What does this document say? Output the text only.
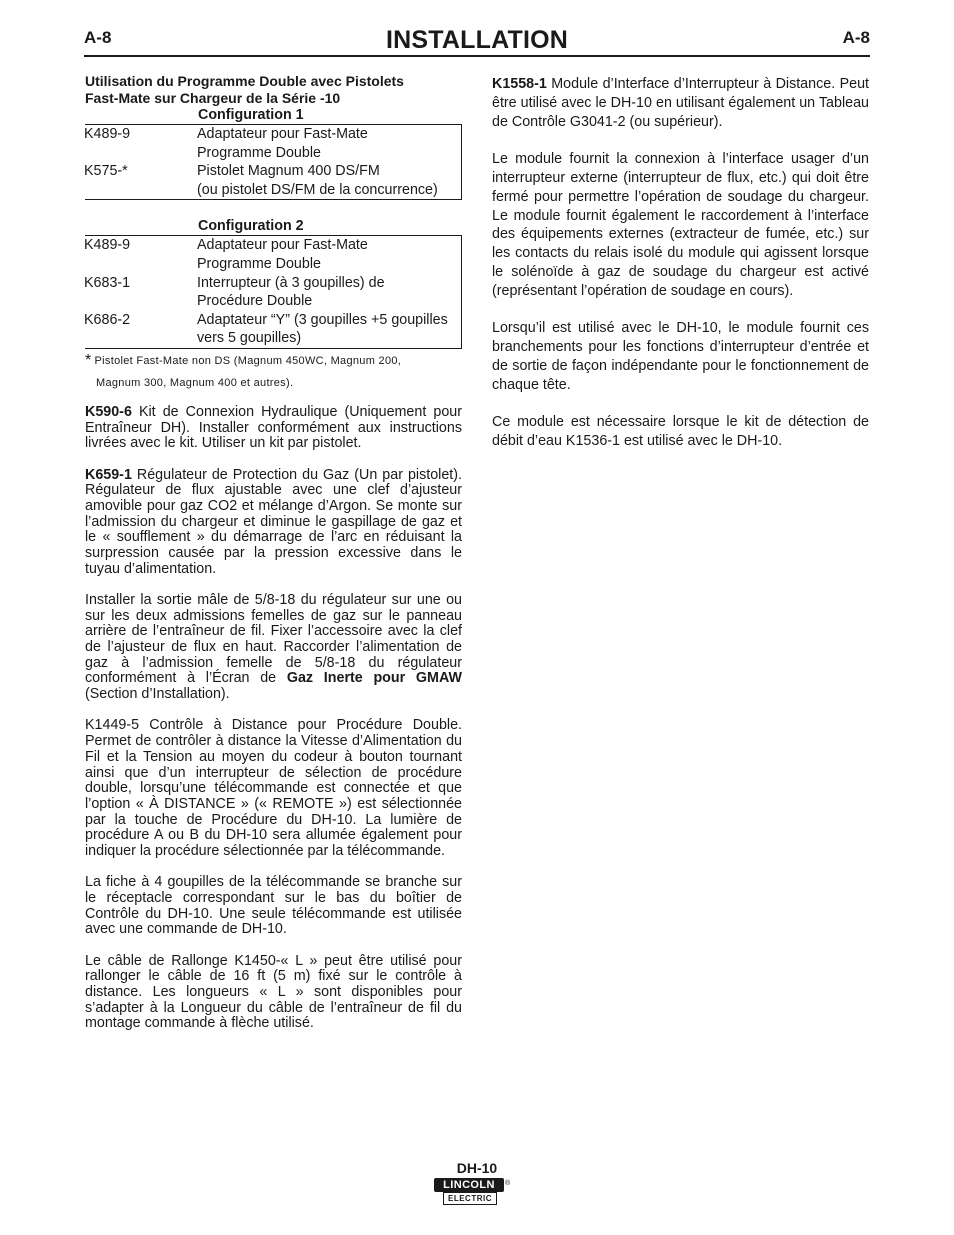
A-8	INSTALLATION	A-8
Utilisation du Programme Double avec Pistolets
Fast-Mate sur Chargeur de la Série -10
Configuration 1
K489-9	Adaptateur pour Fast-Mate
Programme Double

K575-*	Pistolet Magnum 400 DS/FM
(ou pistolet DS/FM de la concurrence)
Configuration 2
K489-9	Adaptateur pour Fast-Mate
Programme Double

K683-1	Interrupteur (à 3 goupilles) de
Procédure Double

K686-2	Adaptateur “Y” (3 goupilles +5 goupilles
vers 5 goupilles)
* Pistolet Fast-Mate non DS (Magnum 450WC, Magnum 200,
Magnum 300, Magnum 400 et autres).

K590-6 Kit de Connexion Hydraulique (Uniquement pour Entraîneur DH). Installer conformément aux instructions livrées avec le kit. Utiliser un kit par pistolet.

K659-1 Régulateur de Protection du Gaz (Un par pistolet). Régulateur de flux ajustable avec une clef d’ajusteur amovible pour gaz CO2 et mélange d’Argon. Se monte sur l’admission du chargeur et diminue le gaspillage de gaz et le « soufflement » du démarrage de l’arc en réduisant la surpression causée par la pression excessive dans le tuyau d’alimentation.

Installer la sortie mâle de 5/8-18 du régulateur sur une ou sur les deux admissions femelles de gaz sur le panneau arrière de l’entraîneur de fil. Fixer l’accessoire avec la clef de l’ajusteur de flux en haut. Raccorder l’alimentation de gaz à l’admission femelle de 5/8-18 du régulateur conformément à l’Écran de Gaz Inerte pour GMAW (Section d’Installation).

K1449-5 Contrôle à Distance pour Procédure Double. Permet de contrôler à distance la Vitesse d’Alimentation du Fil et la Tension au moyen du codeur à bouton tournant ainsi que d’un interrupteur de sélection de procédure double, lorsqu’une télécommande est connectée et que l’option « À DISTANCE » (« REMOTE ») est sélectionnée par la touche de Procédure du DH-10. La lumière de procédure A ou B du DH-10 sera allumée également pour indiquer la procédure sélectionnée par la télécommande.

La fiche à 4 goupilles de la télécommande se branche sur le réceptacle correspondant sur le bas du boîtier de Contrôle du DH-10. Une seule télécommande est utilisée avec une commande de DH-10.

Le câble de Rallonge K1450-« L » peut être utilisé pour rallonger le câble de 16 ft (5 m) fixé sur le contrôle à distance. Les longueurs « L » sont disponibles pour s’adapter à la Longueur du câble de l’entraîneur de fil du montage commande à flèche utilisé.

K1558-1 Module d’Interface d’Interrupteur à Distance. Peut être utilisé avec le DH-10 en utilisant également un Tableau de Contrôle G3041-2 (ou supérieur).

Le module fournit la connexion à l’interface usager d’un interrupteur externe (interrupteur de flux, etc.) qui doit être fermé pour permettre l’opération de soudage du chargeur. Le module fournit également le raccordement à l’interface des équipements externes (extracteur de fumée, etc.) sur les contacts du relais isolé du module qui agissent lorsque le solénoïde à gaz de soudage du chargeur est activé (représentant l’opération de soudage en cours).

Lorsqu’il est utilisé avec le DH-10, le module fournit ces branchements pour les fonctions d’interrupteur d’entrée et de sortie de façon indépendante pour le fonctionnement de chaque tête.

Ce module est nécessaire lorsque le kit de détection de débit d’eau K1536-1 est utilisé avec le DH-10.

DH-10
LINCOLN	®
ELECTRIC
